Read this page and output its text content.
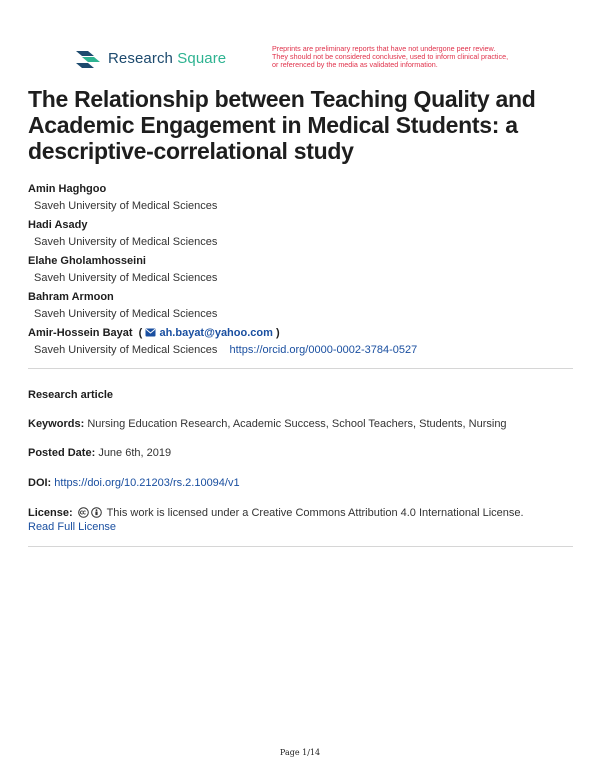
Research Square
Preprints are preliminary reports that have not undergone peer review.
They should not be considered conclusive, used to inform clinical practice,
or referenced by the media as validated information.
The Relationship between Teaching Quality and Academic Engagement in Medical Students: a descriptive-correlational study
Amin Haghgoo
Saveh University of Medical Sciences
Hadi Asady
Saveh University of Medical Sciences
Elahe Gholamhosseini
Saveh University of Medical Sciences
Bahram Armoon
Saveh University of Medical Sciences
Amir-Hossein Bayat  ( ah.bayat@yahoo.com )
Saveh University of Medical Sciences https://orcid.org/0000-0002-3784-0527
Research article
Keywords: Nursing Education Research, Academic Success, School Teachers, Students, Nursing
Posted Date: June 6th, 2019
DOI: https://doi.org/10.21203/rs.2.10094/v1
License:	This work is licensed under a Creative Commons Attribution 4.0 International License.
Read Full License
Page 1/14
